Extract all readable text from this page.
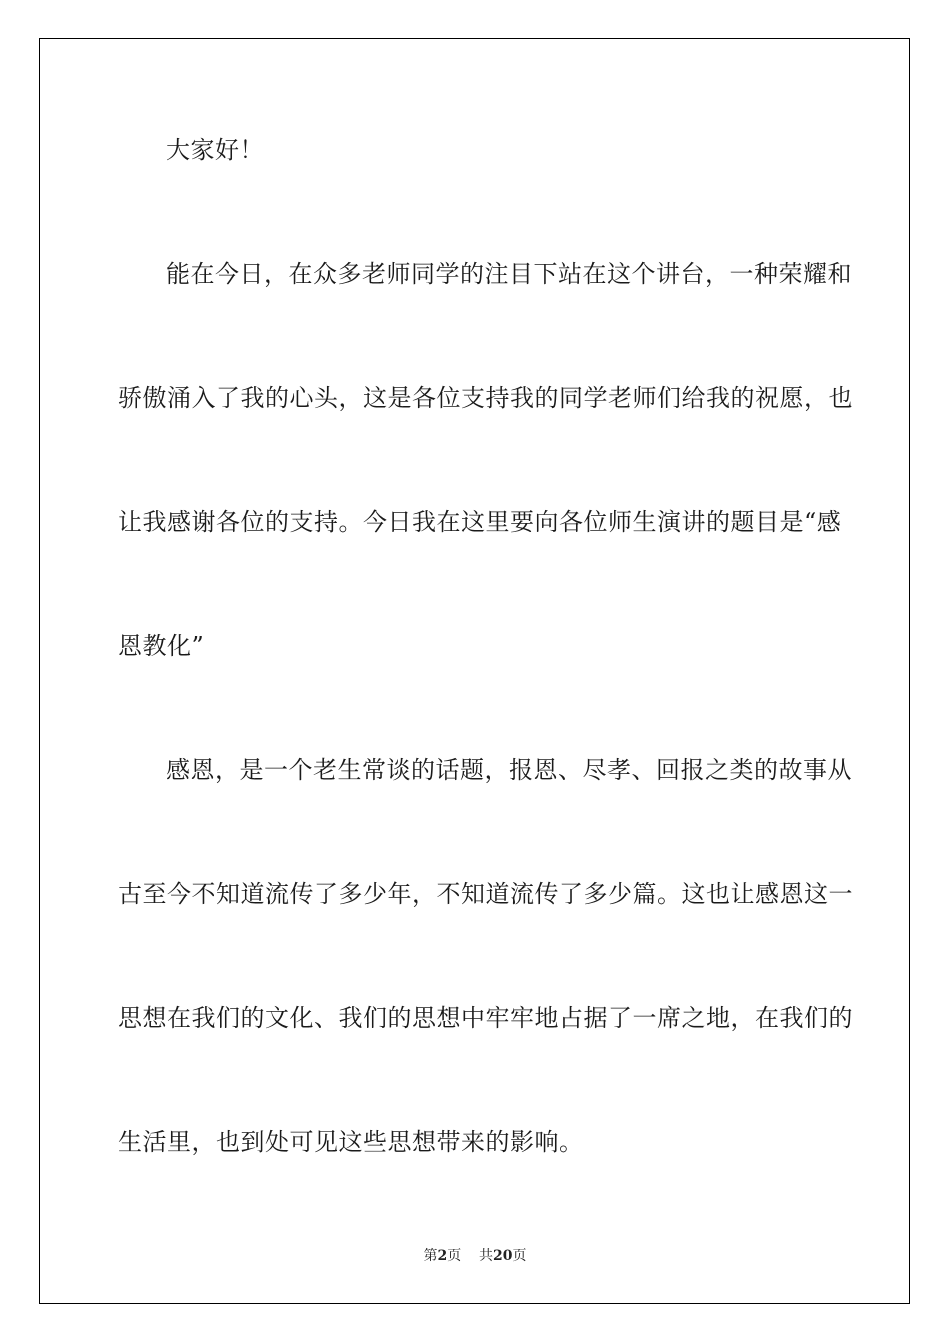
大家好！
能在今日，在众多老师同学的注目下站在这个讲台，一种荣耀和
骄傲涌入了我的心头，这是各位支持我的同学老师们给我的祝愿，也
让我感谢各位的支持。今日我在这里要向各位师生演讲的题目是“感
恩教化”
感恩，是一个老生常谈的话题，报恩、尽孝、回报之类的故事从
古至今不知道流传了多少年，不知道流传了多少篇。这也让感恩这一
思想在我们的文化、我们的思想中牢牢地占据了一席之地，在我们的
生活里，也到处可见这些思想带来的影响。
第2页 共20页
